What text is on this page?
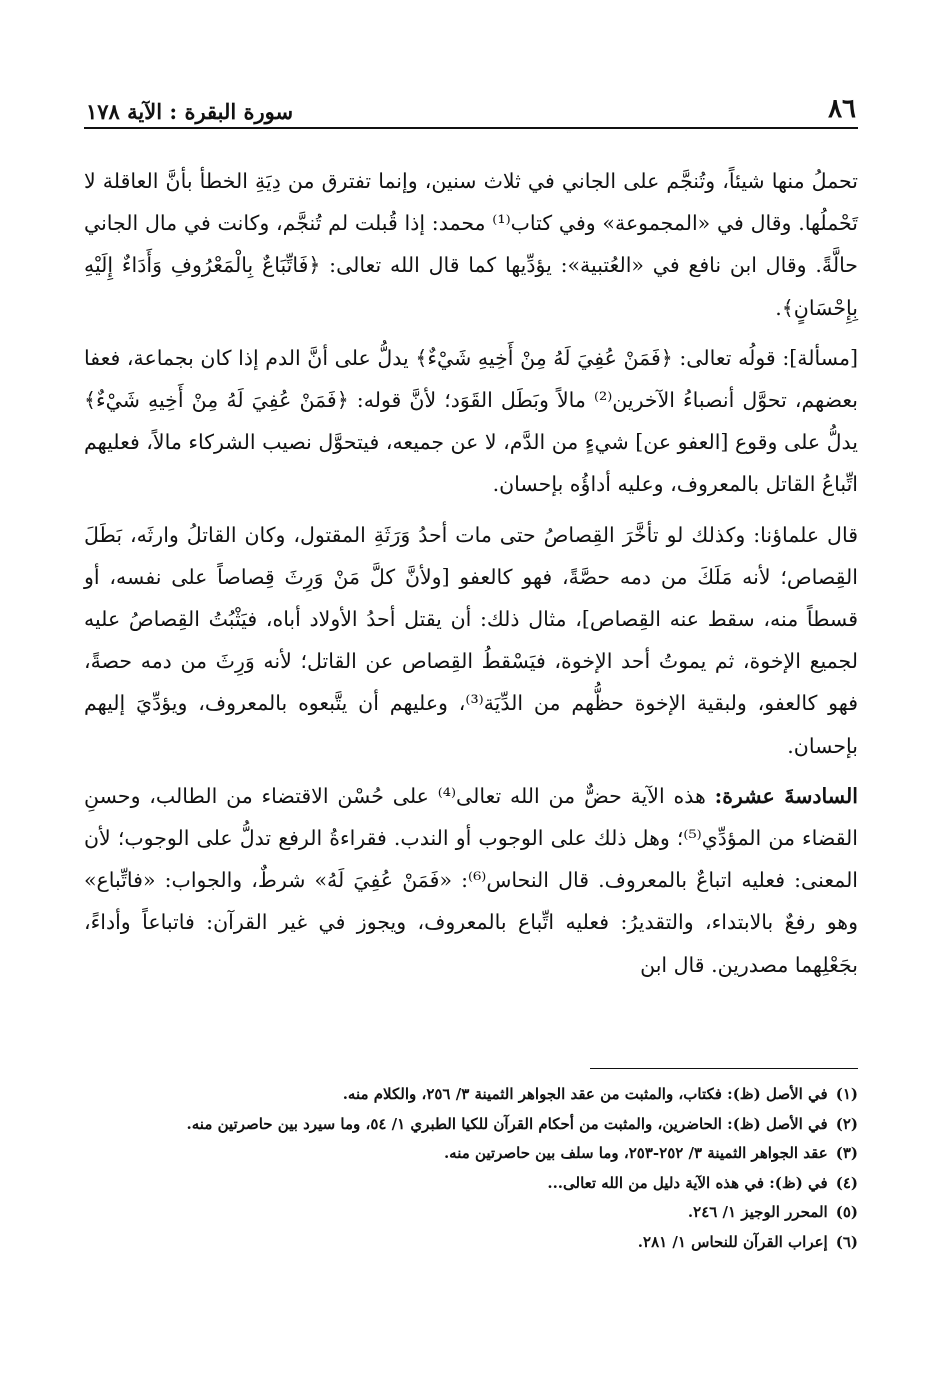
٨٦
سورة البقرة : الآية ١٧٨

تحملُ منها شيئاً، وتُنجَّم على الجاني في ثلاث سنين، وإنما تفترق من دِيَةِ الخطأ بأنَّ العاقلة لا تَحْملُها. وقال في «المجموعة» وفي كتاب⁽¹⁾ محمد: إذا قُبلت لم تُنجَّم، وكانت في مال الجاني حالَّةً. وقال ابن نافع في «العُتبية»: يؤدِّيها كما قال الله تعالى: ﴿فَاتِّبَاعٌ بِالْمَعْرُوفِ وَأَدَاءٌ إِلَيْهِ بِإِحْسَانٍ﴾.

[مسألة]: قولُه تعالى: ﴿فَمَنْ عُفِيَ لَهُ مِنْ أَخِيهِ شَيْءٌ﴾ يدلُّ على أنَّ الدم إذا كان بجماعة، فعفا بعضهم، تحوَّل أنصباءُ الآخرين⁽²⁾ مالاً وبَطَل القَوَد؛ لأنَّ قوله: ﴿فَمَنْ عُفِيَ لَهُ مِنْ أَخِيهِ شَيْءٌ﴾ يدلُّ على وقوع [العفو عن] شيءٍ من الدَّم، لا عن جميعه، فيتحوَّل نصيب الشركاء مالاً، فعليهم اتِّباعُ القاتل بالمعروف، وعليه أداؤُه بإحسان.

قال علماؤنا: وكذلك لو تأخَّرَ القِصاصُ حتى مات أحدُ وَرَثَةِ المقتول، وكان القاتلُ وارثَه، بَطَلَ القِصاص؛ لأنه مَلَكَ من دمه حصَّةً، فهو كالعفو [ولأنَّ كلَّ مَنْ وَرِثَ قِصاصاً على نفسه، أو قسطاً منه، سقط عنه القِصاص]، مثال ذلك: أن يقتل أحدُ الأولاد أباه، فيَثْبُتُ القِصاصُ عليه لجميع الإخوة، ثم يموتُ أحد الإخوة، فيَسْقطُ القِصاص عن القاتل؛ لأنه وَرِثَ من دمه حصةً، فهو كالعفو، ولبقية الإخوة حظُّهم من الدِّيَة⁽³⁾، وعليهم أن يتَّبعوه بالمعروف، ويؤدِّيَ إليهم بإحسان.

السادسةَ عشرة: هذه الآية حضٌّ من الله تعالى⁽⁴⁾ على حُسْن الاقتضاء من الطالب، وحسنِ القضاء من المؤدِّي⁽⁵⁾؛ وهل ذلك على الوجوب أو الندب. فقراءةُ الرفع تدلُّ على الوجوب؛ لأن المعنى: فعليه اتباعٌ بالمعروف. قال النحاس⁽⁶⁾: «فَمَنْ عُفِيَ لَهُ» شرطٌ، والجواب: «فاتِّباع» وهو رفعٌ بالابتداء، والتقديرُ: فعليه اتِّباع بالمعروف، ويجوز في غير القرآن: فاتباعاً وأداءً، بجَعْلِهما مصدرين. قال ابن

(١)
في الأصل (ظ): فكتاب، والمثبت من عقد الجواهر الثمينة ٣/ ٢٥٦، والكلام منه.
(٢)
في الأصل (ظ): الحاضرين، والمثبت من أحكام القرآن للكيا الطبري ١/ ٥٤، وما سيرد بين حاصرتين منه.
(٣)
عقد الجواهر الثمينة ٣/ ٢٥٢-٢٥٣، وما سلف بين حاصرتين منه.
(٤)
في (ظ): في هذه الآية دليل من الله تعالى...
(٥)
المحرر الوجيز ١/ ٢٤٦.
(٦)
إعراب القرآن للنحاس ١/ ٢٨١.
